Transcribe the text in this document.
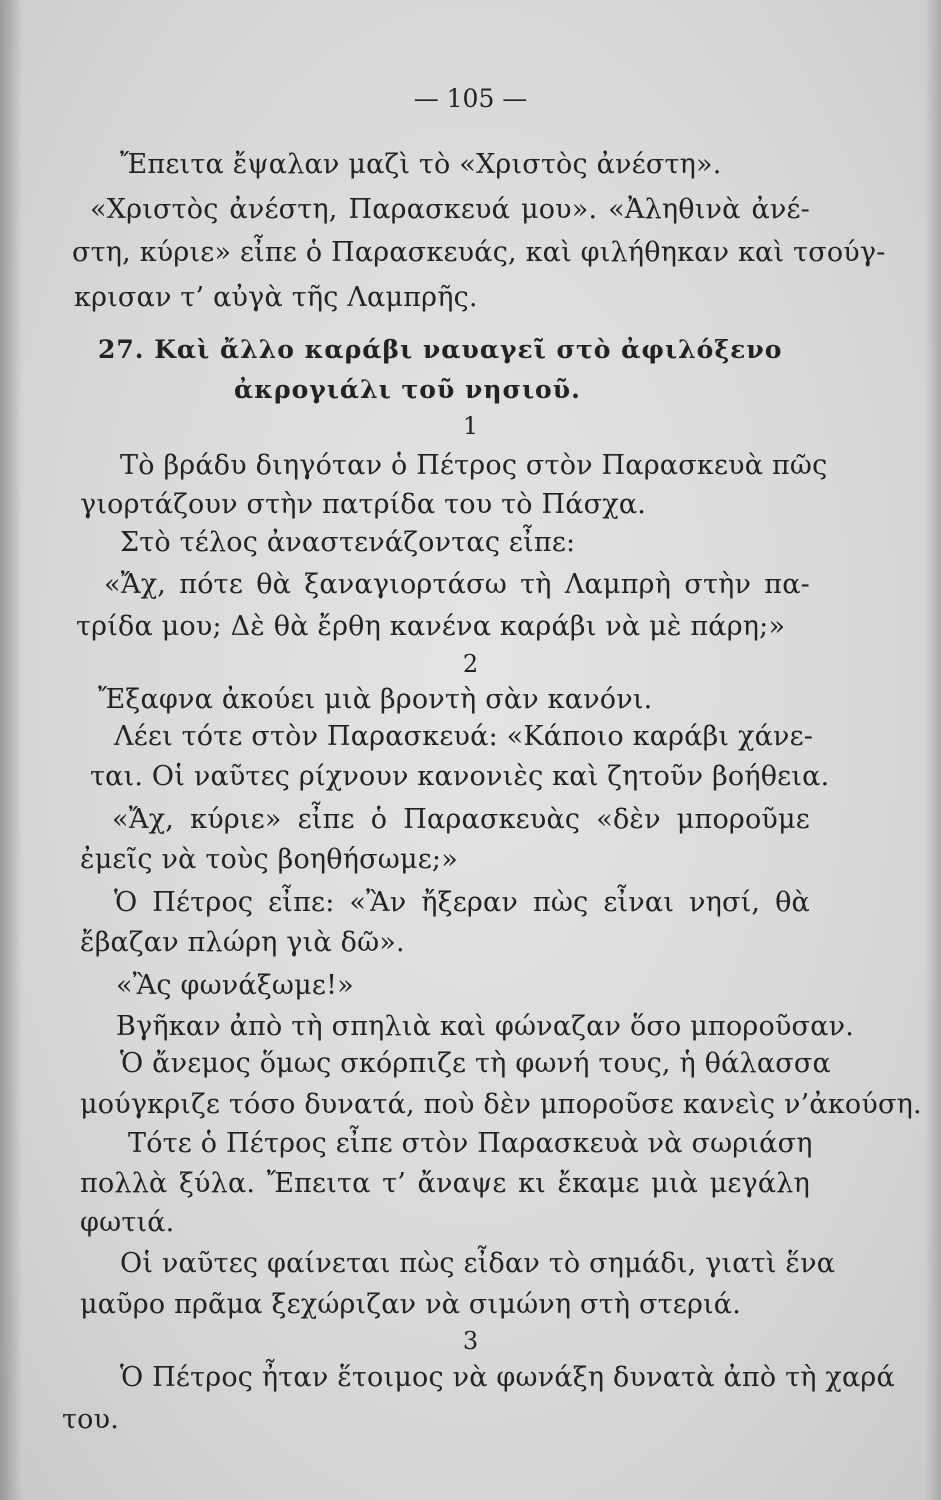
— 105 —
Ἔπειτα ἔψαλαν μαζὶ τὸ «Χριστὸς ἀνέστη».
«Χριστὸς ἀνέστη, Παρασκευά μου». «Ἀληθινὰ ἀνέ-
στη, κύριε» εἶπε ὁ Παρασκευάς, καὶ φιλήθηκαν καὶ τσούγ-
κρισαν τ’ αὐγὰ τῆς Λαμπρῆς.
27. Καὶ ἄλλο καράβι ναυαγεῖ στὸ ἀφιλόξενο
ἀκρογιάλι τοῦ νησιοῦ.
1
Τὸ βράδυ διηγόταν ὁ Πέτρος στὸν Παρασκευὰ πῶς
γιορτάζουν στὴν πατρίδα του τὸ Πάσχα.
Στὸ τέλος ἀναστενάζοντας εἶπε:
«Ἄχ, πότε θὰ ξαναγιορτάσω τὴ Λαμπρὴ στὴν πα-
τρίδα μου; Δὲ θὰ ἔρθη κανένα καράβι νὰ μὲ πάρη;»
2
Ἔξαφνα ἀκούει μιὰ βροντὴ σὰν κανόνι.
Λέει τότε στὸν Παρασκευά: «Κάποιο καράβι χάνε-
ται. Οἱ ναῦτες ρίχνουν κανονιὲς καὶ ζητοῦν βοήθεια.
«Ἄχ, κύριε» εἶπε ὁ Παρασκευὰς «δὲν μποροῦμε
ἐμεῖς νὰ τοὺς βοηθήσωμε;»
Ὁ Πέτρος εἶπε: «Ἂν ἤξεραν πὼς εἶναι νησί, θὰ
ἔβαζαν πλώρη γιὰ δῶ».
«Ἂς φωνάξωμε!»
Βγῆκαν ἀπὸ τὴ σπηλιὰ καὶ φώναζαν ὅσο μποροῦσαν.
Ὁ ἄνεμος ὅμως σκόρπιζε τὴ φωνή τους, ἡ θάλασσα
μούγκριζε τόσο δυνατά, ποὺ δὲν μποροῦσε κανεὶς ν’ἀκούση.
Τότε ὁ Πέτρος εἶπε στὸν Παρασκευὰ νὰ σωριάση
πολλὰ ξύλα. Ἔπειτα τ’ ἄναψε κι ἔκαμε μιὰ μεγάλη
φωτιά.
Οἱ ναῦτες φαίνεται πὼς εἶδαν τὸ σημάδι, γιατὶ ἕνα
μαῦρο πρᾶμα ξεχώριζαν νὰ σιμώνη στὴ στεριά.
3
Ὁ Πέτρος ἦταν ἕτοιμος νὰ φωνάξη δυνατὰ ἀπὸ τὴ χαρά
του.
